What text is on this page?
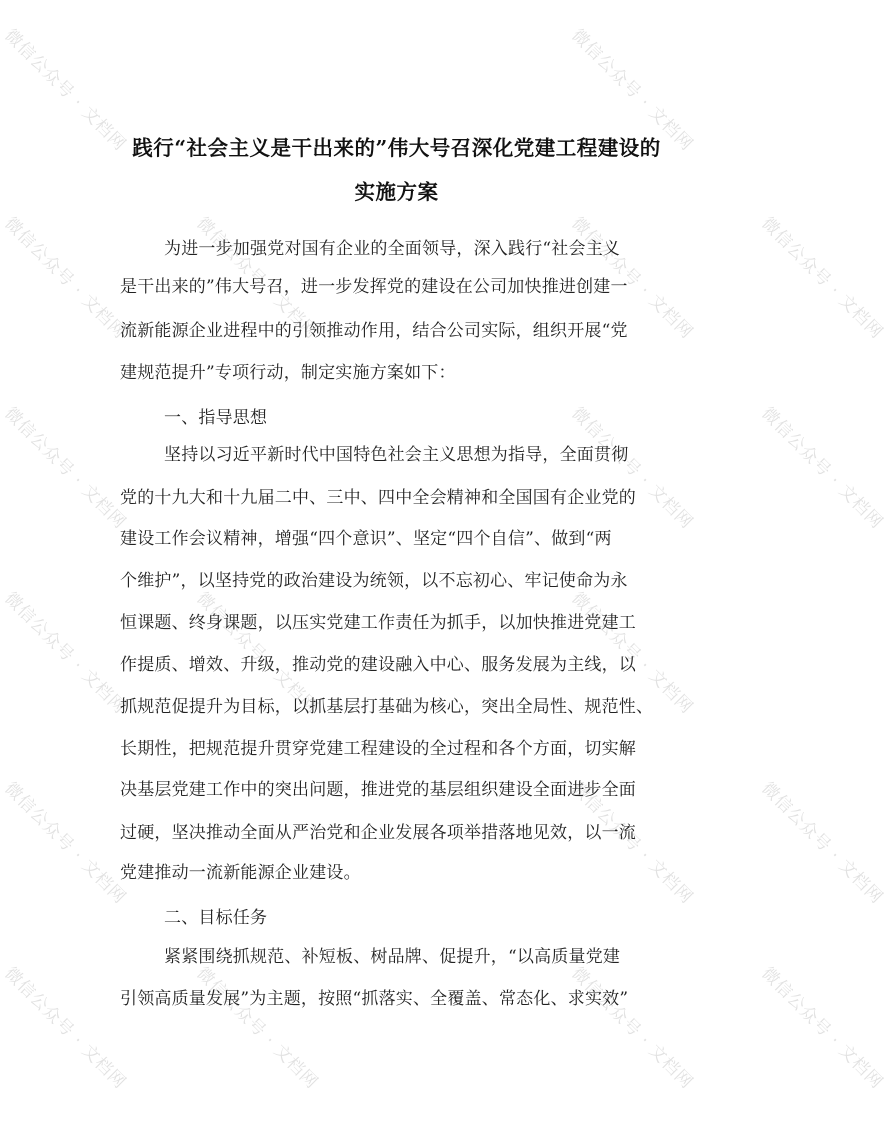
微信公众号 · 文档网	微信公众号 · 文档网
微信公众号 · 文档网	微信公众号 · 文档网	微信公众号 · 文档网	微信公众号 · 文档网
微信公众号 · 文档网	微信公众号 · 文档网	微信公众号 · 文档网
微信公众号 · 文档网	微信公众号 · 文档网	微信公众号 · 文档网
微信公众号 · 文档网	微信公众号 · 文档网	微信公众号 · 文档网
微信公众号 · 文档网	微信公众号 · 文档网	微信公众号 · 文档网	微信公众号 · 文档网
践行“社会主义是干出来的”伟大号召深化党建工程建设的
实施方案
为进一步加强党对国有企业的全面领导，深入践行“社会主义
是干出来的”伟大号召，进一步发挥党的建设在公司加快推进创建一
流新能源企业进程中的引领推动作用，结合公司实际，组织开展“党
建规范提升”专项行动，制定实施方案如下：
一、指导思想
坚持以习近平新时代中国特色社会主义思想为指导，全面贯彻
党的十九大和十九届二中、三中、四中全会精神和全国国有企业党的
建设工作会议精神，增强“四个意识”、坚定“四个自信”、做到“两
个维护”，以坚持党的政治建设为统领，以不忘初心、牢记使命为永
恒课题、终身课题，以压实党建工作责任为抓手，以加快推进党建工
作提质、增效、升级，推动党的建设融入中心、服务发展为主线，以
抓规范促提升为目标，以抓基层打基础为核心，突出全局性、规范性、
长期性，把规范提升贯穿党建工程建设的全过程和各个方面，切实解
决基层党建工作中的突出问题，推进党的基层组织建设全面进步全面
过硬，坚决推动全面从严治党和企业发展各项举措落地见效，以一流
党建推动一流新能源企业建设。
二、目标任务
紧紧围绕抓规范、补短板、树品牌、促提升，“以高质量党建
引领高质量发展”为主题，按照“抓落实、全覆盖、常态化、求实效”
